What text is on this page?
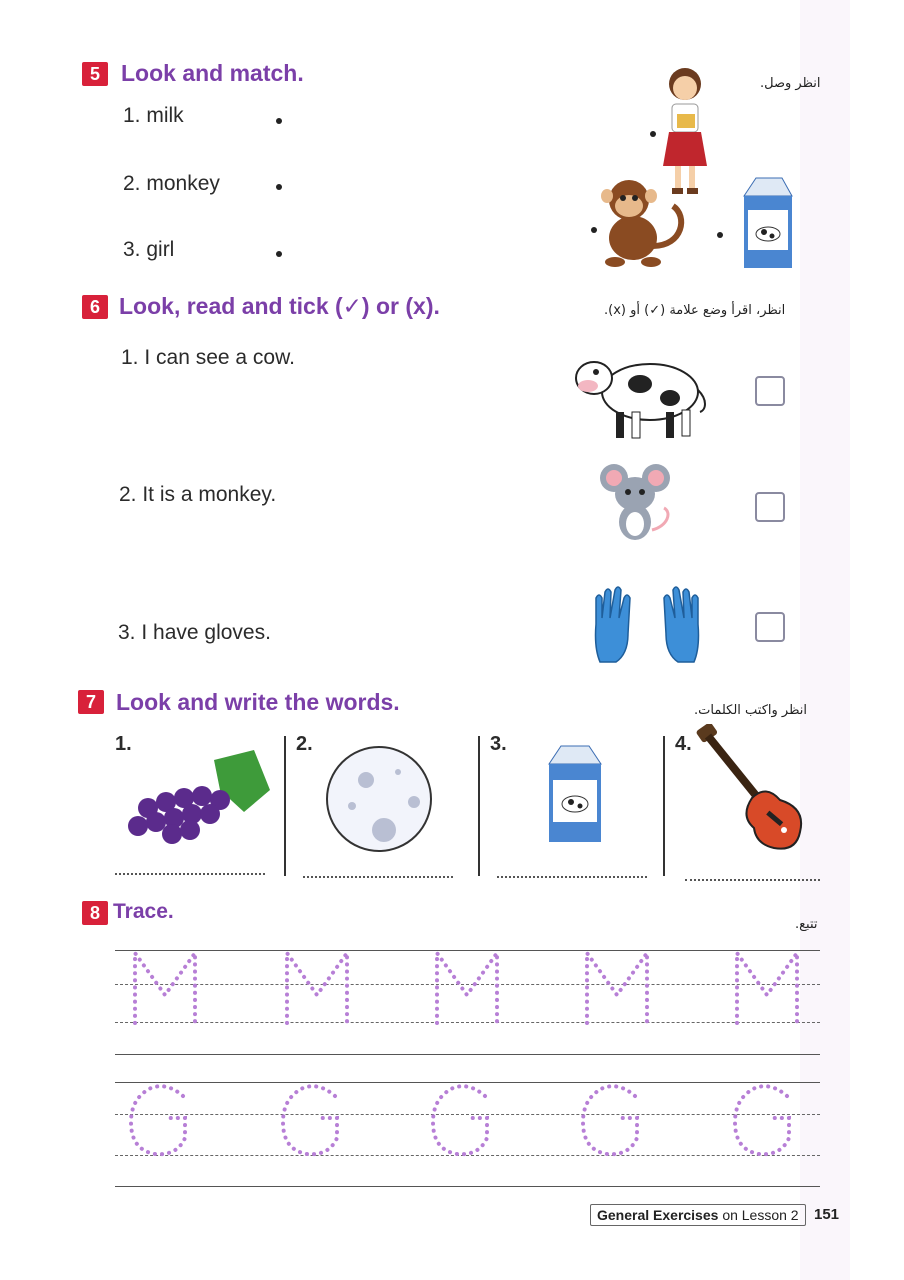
5 Look and match.	انظر وصل.
1. milk
2. monkey
3. girl
6 Look, read and tick (✓) or (x).	انظر، اقرأ وضع علامة (✓) أو (x).
1. I can see a cow.
2. It is a monkey.
3. I have gloves.
7 Look and write the words.	انظر واكتب الكلمات.
1.	2.	3.	4.
8 Trace.
تتبع.
General Exercises on Lesson 2	151
